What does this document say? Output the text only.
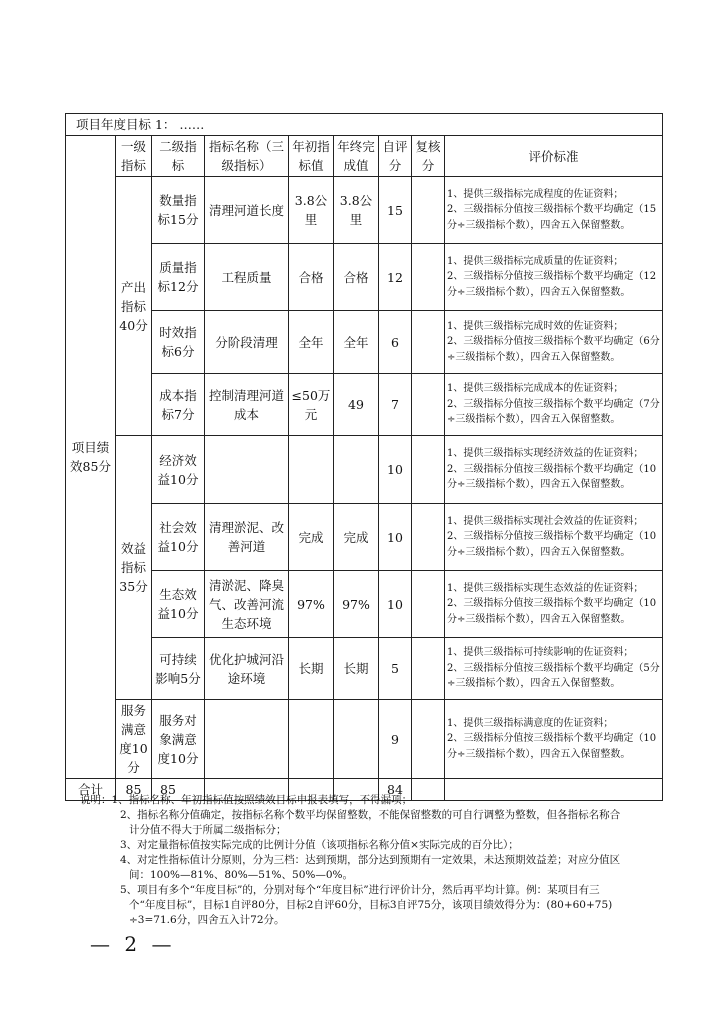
项目年度目标 1： ……								
项目绩效85分	一级指标	二级指标	指标名称（三级指标）	年初指标值	年终完成值	自评分	复核分	评价标准
	产出指标40分	数量指标15分	清理河道长度	3.8公里	3.8公里	15		1、提供三级指标完成程度的佐证资料；
2、三级指标分值按三级指标个数平均确定（15分÷三级指标个数），四舍五入保留整数。
		质量指标12分	工程质量	合格	合格	12		1、提供三级指标完成质量的佐证资料；
2、三级指标分值按三级指标个数平均确定（12分÷三级指标个数），四舍五入保留整数。
		时效指标6分	分阶段清理	全年	全年	6		1、提供三级指标完成时效的佐证资料；
2、三级指标分值按三级指标个数平均确定（6分÷三级指标个数），四舍五入保留整数。
		成本指标7分	控制清理河道成本	≤50万元	49	7		1、提供三级指标完成成本的佐证资料；
2、三级指标分值按三级指标个数平均确定（7分÷三级指标个数），四舍五入保留整数。
	效益指标35分	经济效益10分				10		1、提供三级指标实现经济效益的佐证资料；
2、三级指标分值按三级指标个数平均确定（10分÷三级指标个数），四舍五入保留整数。
		社会效益10分	清理淤泥、改善河道	完成	完成	10		1、提供三级指标实现社会效益的佐证资料；
2、三级指标分值按三级指标个数平均确定（10分÷三级指标个数），四舍五入保留整数。
		生态效益10分	清淤泥、降臭气、改善河流生态环境	97%	97%	10		1、提供三级指标实现生态效益的佐证资料；
2、三级指标分值按三级指标个数平均确定（10分÷三级指标个数），四舍五入保留整数。
		可持续影响5分	优化护城河沿途环境	长期	长期	5		1、提供三级指标可持续影响的佐证资料；
2、三级指标分值按三级指标个数平均确定（5分÷三级指标个数），四舍五入保留整数。
	服务满意度10分	服务对象满意度10分				9		1、提供三级指标满意度的佐证资料；
2、三级指标分值按三级指标个数平均确定（10分÷三级指标个数），四舍五入保留整数。
合计	85	85				84		
说明：1、指标名称、年初指标值按照绩效目标申报表填写，不得漏项；
2、指标名称分值确定，按指标名称个数平均保留整数，不能保留整数的可自行调整为整数，但各指标名称合
计分值不得大于所属二级指标分；
3、对定量指标值按实际完成的比例计分值（该项指标名称分值×实际完成的百分比）；
4、对定性指标值计分原则，分为三档：达到预期，部分达到预期有一定效果，未达预期效益差；对应分值区
间：100%—81%、80%—51%、50%—0%。
5、项目有多个“年度目标”的，分别对每个“年度目标”进行评价计分，然后再平均计算。例：某项目有三
个“年度目标”，目标1自评80分，目标2自评60分，目标3自评75分，该项目绩效得分为：(80+60+75)
÷3=71.6分，四舍五入计72分。
— 2 —
